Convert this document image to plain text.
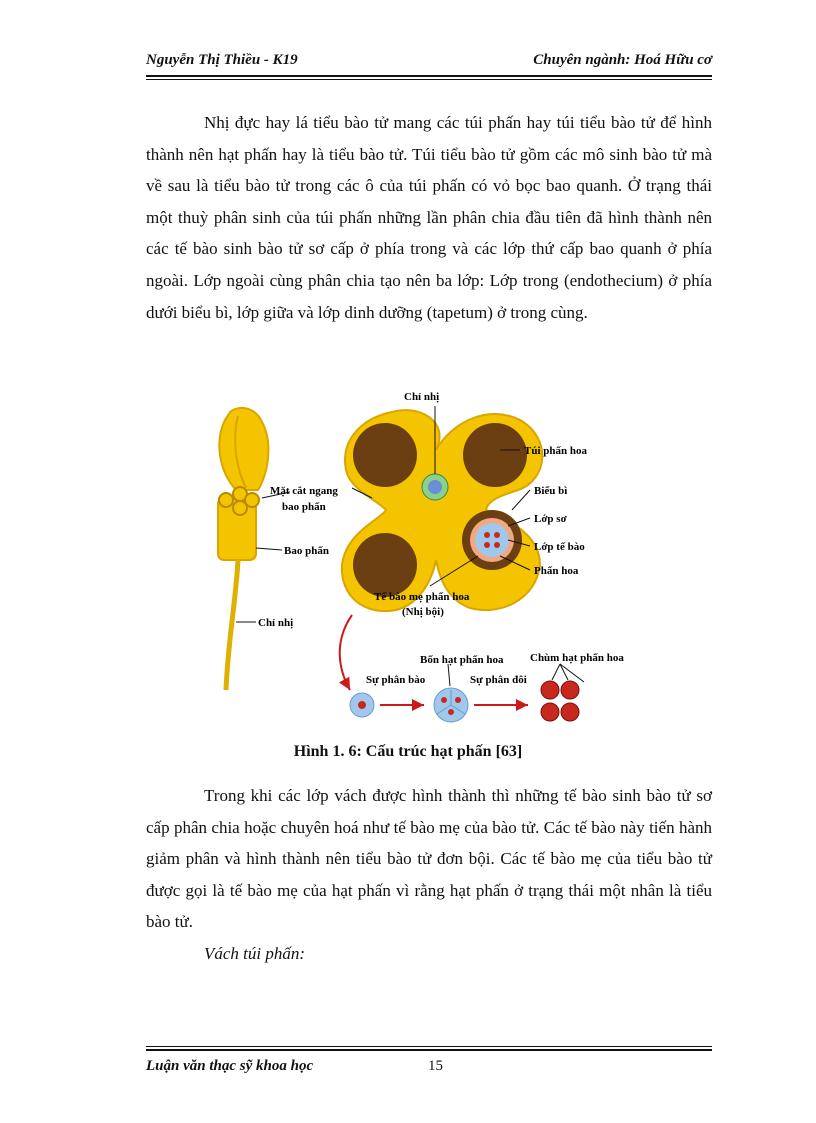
Nguyễn Thị Thiều - K19	Chuyên ngành: Hoá Hữu cơ

Nhị đực hay lá tiểu bào tử mang các túi phấn hay túi tiểu bào tử để hình thành nên hạt phấn hay là tiểu bào tử. Túi tiểu bào tử gồm các mô sinh bào tử mà về sau là tiểu bào tử trong các ô của túi phấn có vỏ bọc bao quanh. Ở trạng thái một thuỳ phân sinh của túi phấn những lần phân chia đầu tiên đã hình thành nên các tế bào sinh bào tử sơ cấp ở phía trong và các lớp thứ cấp bao quanh ở phía ngoài. Lớp ngoài cùng phân chia tạo nên ba lớp: Lớp trong (endothecium) ở phía dưới biểu bì, lớp giữa và lớp dinh dưỡng (tapetum) ở trong cùng.

Chỉ nhị
Túi phấn hoa
Mặt cắt ngang
bao phấn
Biểu bì
Lớp sơ
Lớp tế bào
Phấn hoa
Bao phấn
Chỉ nhị
Tế bào mẹ phấn hoa
(Nhị bội)
Bốn hạt phấn hoa Chùm hạt phấn hoa
Sự phân bào	Sự phân đôi
Hình 1. 6: Cấu trúc hạt phấn [63]

Trong khi các lớp vách được hình thành thì những tế bào sinh bào tử sơ cấp phân chia hoặc chuyên hoá như tế bào mẹ của bào tử. Các tế bào này tiến hành giảm phân và hình thành nên tiểu bào tử đơn bội. Các tế bào mẹ của tiểu bào tử được gọi là tế bào mẹ của hạt phấn vì rằng hạt phấn ở trạng thái một nhân là tiểu bào tử.

Vách túi phấn:
Luận văn thạc sỹ khoa học	15
